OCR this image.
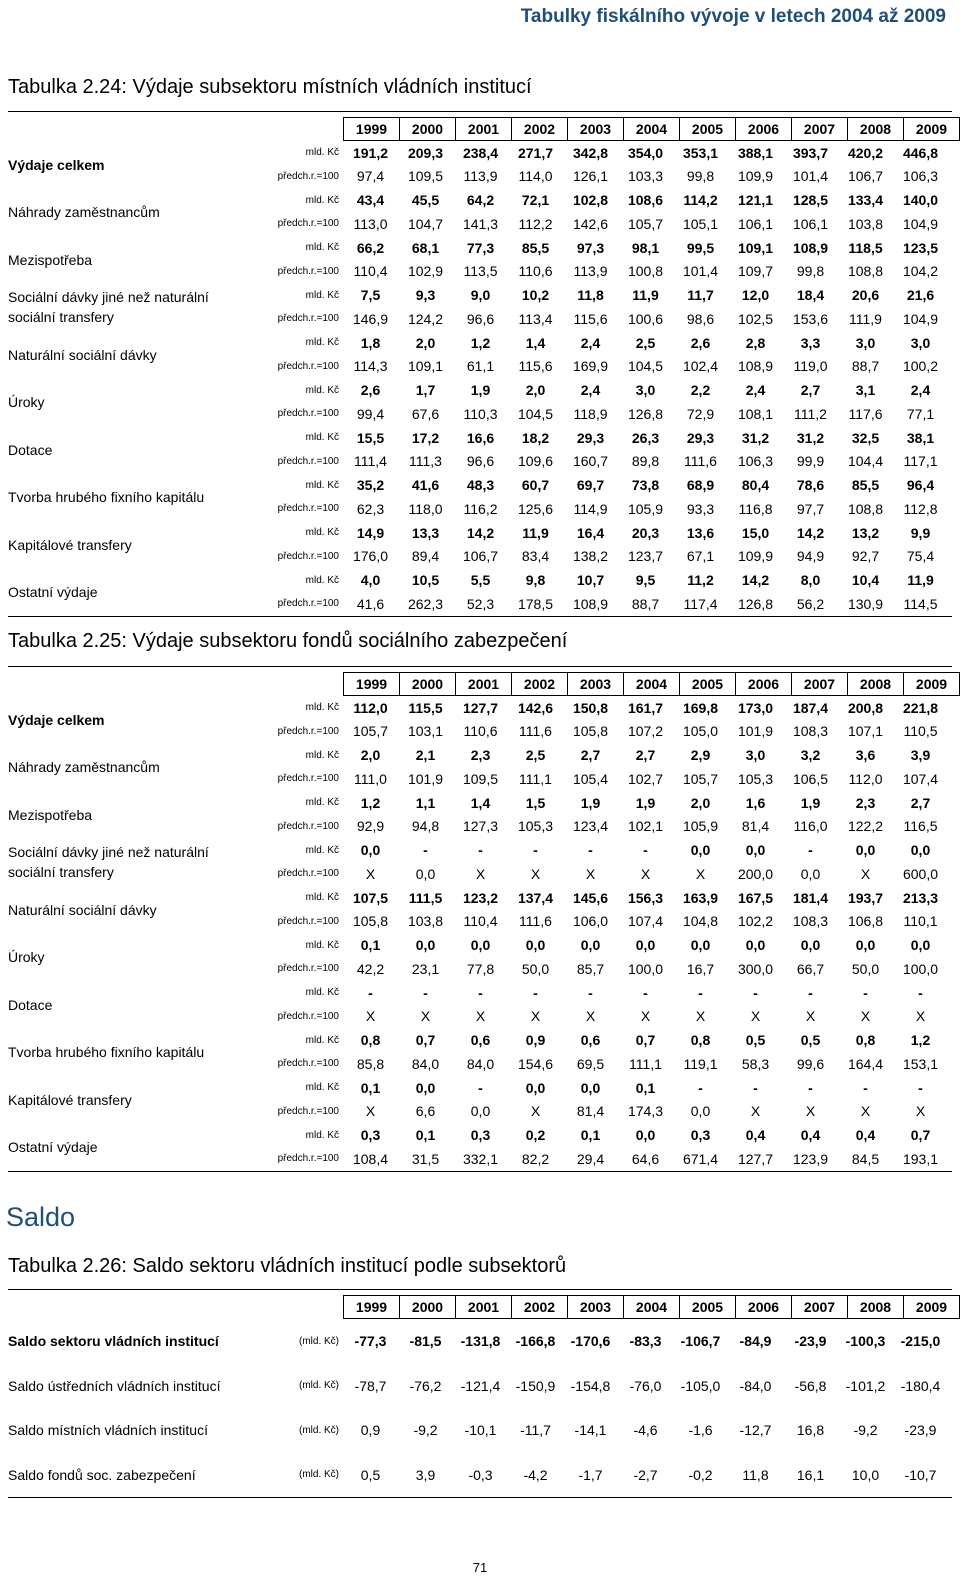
Tabulky fiskálního vývoje v letech 2004 až 2009
Tabulka 2.24: Výdaje subsektoru místních vládních institucí
1999	2000	2001	2002	2003	2004	2005	2006	2007	2008	2009
Výdaje celkem
mld. Kč 191,2	209,3	238,4	271,7	342,8	354,0	353,1	388,1	393,7	420,2	446,8
předch.r.=100	97,4	109,5	113,9	114,0	126,1	103,3	99,8	109,9	101,4	106,7	106,3
Náhrady zaměstnancům
mld. Kč	43,4	45,5	64,2	72,1	102,8	108,6	114,2	121,1	128,5	133,4	140,0
předch.r.=100	113,0	104,7	141,3	112,2	142,6	105,7	105,1	106,1	106,1	103,8	104,9
Mezispotřeba
mld. Kč	66,2	68,1	77,3	85,5	97,3	98,1	99,5	109,1	108,9	118,5	123,5
předch.r.=100	110,4	102,9	113,5	110,6	113,9	100,8	101,4	109,7	99,8	108,8	104,2
Sociální dávky jiné než naturální sociální transfery
mld. Kč	7,5	9,3	9,0	10,2	11,8	11,9	11,7	12,0	18,4	20,6	21,6
předch.r.=100 146,9	124,2	96,6	113,4	115,6	100,6	98,6	102,5	153,6	111,9	104,9
Naturální sociální dávky
mld. Kč	1,8	2,0	1,2	1,4	2,4	2,5	2,6	2,8	3,3	3,0	3,0
předch.r.=100	114,3	109,1	61,1	115,6	169,9	104,5	102,4	108,9	119,0	88,7	100,2
Úroky
mld. Kč	2,6	1,7	1,9	2,0	2,4	3,0	2,2	2,4	2,7	3,1	2,4
předch.r.=100	99,4	67,6	110,3	104,5	118,9	126,8	72,9	108,1	111,2	117,6	77,1
Dotace
mld. Kč	15,5	17,2	16,6	18,2	29,3	26,3	29,3	31,2	31,2	32,5	38,1
předch.r.=100	111,4	111,3	96,6	109,6	160,7	89,8	111,6	106,3	99,9	104,4	117,1
Tvorba hrubého fixního kapitálu
mld. Kč	35,2	41,6	48,3	60,7	69,7	73,8	68,9	80,4	78,6	85,5	96,4
předch.r.=100	62,3	118,0	116,2	125,6	114,9	105,9	93,3	116,8	97,7	108,8	112,8
Kapitálové transfery
mld. Kč	14,9	13,3	14,2	11,9	16,4	20,3	13,6	15,0	14,2	13,2	9,9
předch.r.=100 176,0	89,4	106,7	83,4	138,2	123,7	67,1	109,9	94,9	92,7	75,4
Ostatní výdaje
mld. Kč	4,0	10,5	5,5	9,8	10,7	9,5	11,2	14,2	8,0	10,4	11,9
předch.r.=100	41,6	262,3	52,3	178,5	108,9	88,7	117,4	126,8	56,2	130,9	114,5
Tabulka 2.25: Výdaje subsektoru fondů sociálního zabezpečení
1999	2000	2001	2002	2003	2004	2005	2006	2007	2008	2009
Výdaje celkem
mld. Kč	112,0	115,5	127,7	142,6	150,8	161,7	169,8	173,0	187,4	200,8	221,8
předch.r.=100 105,7	103,1	110,6	111,6	105,8	107,2	105,0	101,9	108,3	107,1	110,5
Náhrady zaměstnancům
mld. Kč	2,0	2,1	2,3	2,5	2,7	2,7	2,9	3,0	3,2	3,6	3,9
předch.r.=100	111,0	101,9	109,5	111,1	105,4	102,7	105,7	105,3	106,5	112,0	107,4
Mezispotřeba
mld. Kč	1,2	1,1	1,4	1,5	1,9	1,9	2,0	1,6	1,9	2,3	2,7
předch.r.=100	92,9	94,8	127,3	105,3	123,4	102,1	105,9	81,4	116,0	122,2	116,5
Sociální dávky jiné než naturální sociální transfery
mld. Kč	0,0	-	-	-	-	-	0,0	0,0	-	0,0	0,0
předch.r.=100	X	0,0	X	X	X	X	X	200,0	0,0	X	600,0
Naturální sociální dávky
mld. Kč 107,5	111,5	123,2	137,4	145,6	156,3	163,9	167,5	181,4	193,7	213,3
předch.r.=100 105,8	103,8	110,4	111,6	106,0	107,4	104,8	102,2	108,3	106,8	110,1
Úroky
mld. Kč	0,1	0,0	0,0	0,0	0,0	0,0	0,0	0,0	0,0	0,0	0,0
předch.r.=100	42,2	23,1	77,8	50,0	85,7	100,0	16,7	300,0	66,7	50,0	100,0
Dotace
mld. Kč	-	-	-	-	-	-	-	-	-	-	-
předch.r.=100	X	X	X	X	X	X	X	X	X	X	X
Tvorba hrubého fixního kapitálu
mld. Kč	0,8	0,7	0,6	0,9	0,6	0,7	0,8	0,5	0,5	0,8	1,2
předch.r.=100	85,8	84,0	84,0	154,6	69,5	111,1	119,1	58,3	99,6	164,4	153,1
Kapitálové transfery
mld. Kč	0,1	0,0	-	0,0	0,0	0,1	-	-	-	-	-
předch.r.=100	X	6,6	0,0	X	81,4	174,3	0,0	X	X	X	X
Ostatní výdaje
mld. Kč	0,3	0,1	0,3	0,2	0,1	0,0	0,3	0,4	0,4	0,4	0,7
předch.r.=100 108,4	31,5	332,1	82,2	29,4	64,6	671,4	127,7	123,9	84,5	193,1
Saldo
Tabulka 2.26: Saldo sektoru vládních institucí podle subsektorů
1999	2000	2001	2002	2003	2004	2005	2006	2007	2008	2009
Saldo sektoru vládních institucí	(mld. Kč)	-77,3	-81,5	-131,8	-166,8	-170,6	-83,3	-106,7	-84,9	-23,9	-100,3	-215,0
Saldo ústředních vládních institucí	(mld. Kč)	-78,7	-76,2	-121,4	-150,9	-154,8	-76,0	-105,0	-84,0	-56,8	-101,2	-180,4
Saldo místních vládních institucí	(mld. Kč)	0,9	-9,2	-10,1	-11,7	-14,1	-4,6	-1,6	-12,7	16,8	-9,2	-23,9
Saldo fondů soc. zabezpečení	(mld. Kč)	0,5	3,9	-0,3	-4,2	-1,7	-2,7	-0,2	11,8	16,1	10,0	-10,7
71
